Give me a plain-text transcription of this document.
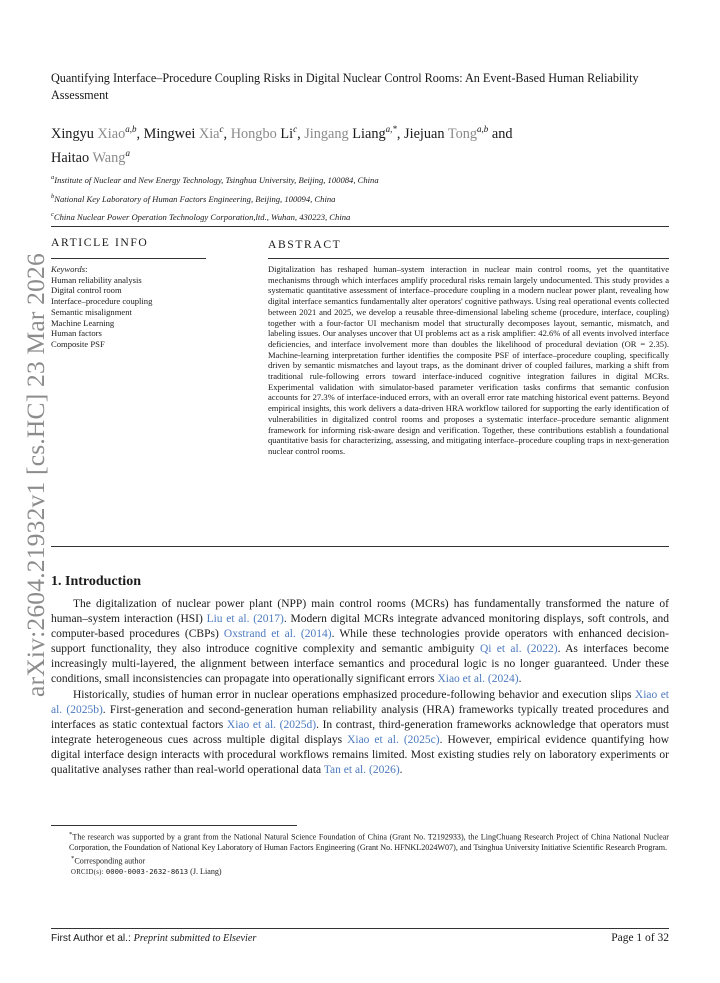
arXiv:2604.21932v1 [cs.HC] 23 Mar 2026
Quantifying Interface–Procedure Coupling Risks in Digital Nuclear Control Rooms: An Event-Based Human Reliability Assessment
Xingyu Xiao$^{a,b}$, Mingwei Xia$^c$, Hongbo Li$^c$, Jingang Liang$^{a,*}$, Jiejuan Tong$^{a,b}$ and
Haitao Wang$^a$
$^a$Institute of Nuclear and New Energy Technology, Tsinghua University, Beijing, 100084, China
$^b$National Key Laboratory of Human Factors Engineering, Beijing, 100094, China
$^c$China Nuclear Power Operation Technology Corporation,ltd., Wuhan, 430223, China
ARTICLE INFO
Keywords:
Human reliability analysis
Digital control room
Interface–procedure coupling
Semantic misalignment
Machine Learning
Human factors
Composite PSF
ABSTRACT
Digitalization has reshaped human–system interaction in nuclear main control rooms, yet the quantitative mechanisms through which interfaces amplify procedural risks remain largely undocumented. This study provides a systematic quantitative assessment of interface–procedure coupling in a modern nuclear power plant, revealing how digital interface semantics fundamentally alter operators' cognitive pathways. Using real operational events collected between 2021 and 2025, we develop a reusable three-dimensional labeling scheme (procedure, interface, coupling) together with a four-factor UI mechanism model that structurally decomposes layout, semantic, mismatch, and labeling issues. Our analyses uncover that UI problems act as a risk amplifier: 42.6% of all events involved interface deficiencies, and interface involvement more than doubles the likelihood of procedural deviation (OR = 2.35). Machine-learning interpretation further identifies the composite PSF of interface–procedure coupling, specifically driven by semantic mismatches and layout traps, as the dominant driver of coupled failures, marking a shift from traditional rule-following errors toward interface-induced cognitive integration failures in digital MCRs. Experimental validation with simulator-based parameter verification tasks confirms that semantic confusion accounts for 27.3% of interface-induced errors, with an overall error rate matching historical event patterns. Beyond empirical insights, this work delivers a data-driven HRA workflow tailored for supporting the early identification of vulnerabilities in digitalized control rooms and proposes a systematic interface–procedure semantic alignment framework for informing risk-aware design and verification. Together, these contributions establish a foundational quantitative basis for characterizing, assessing, and mitigating interface–procedure coupling traps in next-generation nuclear control rooms.
1. Introduction

The digitalization of nuclear power plant (NPP) main control rooms (MCRs) has fundamentally transformed the nature of human–system interaction (HSI) Liu et al. (2017). Modern digital MCRs integrate advanced monitoring displays, soft controls, and computer-based procedures (CBPs) Oxstrand et al. (2014). While these technologies provide operators with enhanced decision-support functionality, they also introduce cognitive complexity and semantic ambiguity Qi et al. (2022). As interfaces become increasingly multi-layered, the alignment between interface semantics and procedural logic is no longer guaranteed. Under these conditions, small inconsistencies can propagate into operationally significant errors Xiao et al. (2024).

Historically, studies of human error in nuclear operations emphasized procedure-following behavior and execution slips Xiao et al. (2025b). First-generation and second-generation human reliability analysis (HRA) frameworks typically treated procedures and interfaces as static contextual factors Xiao et al. (2025d). In contrast, third-generation frameworks acknowledge that operators must integrate heterogeneous cues across multiple digital displays Xiao et al. (2025c). However, empirical evidence quantifying how digital interface design interacts with procedural workflows remains limited. Most existing studies rely on laboratory experiments or qualitative analyses rather than real-world operational data Tan et al. (2026).

*The research was supported by a grant from the National Natural Science Foundation of China (Grant No. T2192933), the LingChuang Research Project of China National Nuclear Corporation, the Foundation of National Key Laboratory of Human Factors Engineering (Grant No. HFNKL2024W07), and Tsinghua University Initiative Scientific Research Program.

*Corresponding author

ORCID(s): 0000-0003-2632-8613 (J. Liang)

First Author et al.: Preprint submitted to Elsevier	Page 1 of 32
